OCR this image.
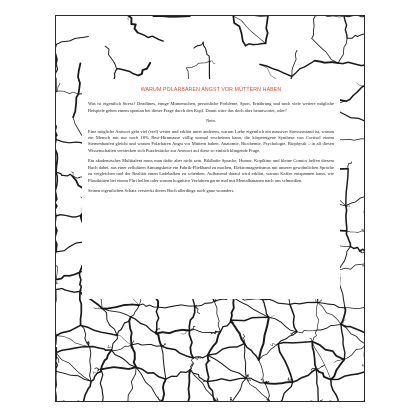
WARUM POLARBÄREN ANGST VOR MÜTTERN HABEN

Was ist eigentlich Stress? Deadlines, einige Mitmenschen, persönliche Probleme, Sport, Ernährung und noch viele weitere mögliche Beispiele gehen einem spontan bei dieser Frage durch den Kopf. Damit wäre das doch aber beantwortet, oder?

Nein.

Eine mögliche Antwort geht viel (viel) weiter und erklärt unter anderem, warum Liebe eigentlich ein massiver Stresszustand ist, warum ein Mensch mit nur noch 10% Rest-Hirnmasse völlig normal erscheinen kann, die körpereigene Synthese von Cortisol einem Sternenhaufen gleicht und warum Polarbären Angst vor Müttern haben. Anatomie, Biochemie, Psychologie, Biophysik – in all diesen Wissenschaften verstecken sich Puzzlestücke zur Antwort auf diese so einfach klingende Frage.

Ein akademisches Multitalent muss man dafür aber nicht sein. Bildhafte Sprache, Humor, Kopfkino und kleine Comics helfen diesem Buch dabei, aus einer zellulären Atmungskette ein Fabrik-Fließband zu machen, Elektromagnetismus mit unserer gewöhnlichen Sprache zu vergleichen und der Realität einen Ladebalken zu schenken. Aufbauend darauf wird erklärt, warum Kaffee entspannen kann, wie Plastiktüten bei einem Flirt helfen oder warum kognitive Verfahren gerne mal mit Mentalbananen nach uns schmeißen.

Seinen eigentlichen Schatz versteckt dieses Buch allerdings noch ganz woanders.
